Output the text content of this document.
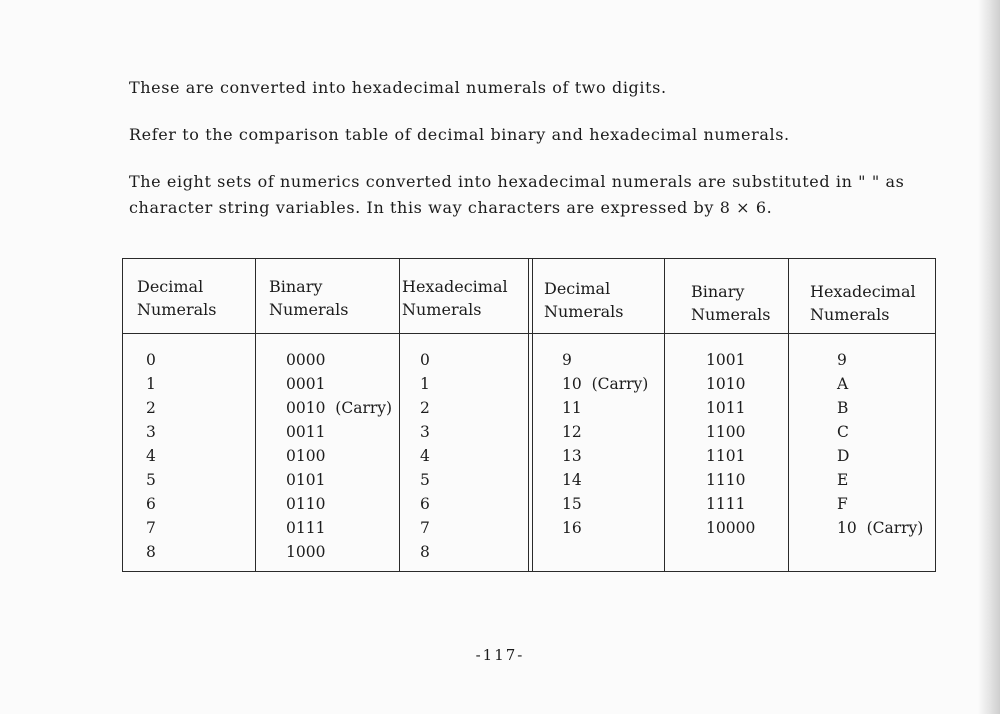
These are converted into hexadecimal numerals of two digits.
Refer to the comparison table of decimal binary and hexadecimal numerals.
The eight sets of numerics converted into hexadecimal numerals are substituted in " " as
character string variables. In this way characters are expressed by 8 × 6.
Decimal
Numerals
Binary
Numerals
Hexadecimal
Numerals
Decimal
Numerals
Binary
Numerals
Hexadecimal
Numerals
0
1
2
3
4
5
6
7
8
0000
0001
0010  (Carry)
0011
0100
0101
0110
0111
1000
0
1
2
3
4
5
6
7
8
9
10  (Carry)
11
12
13
14
15
16
1001
1010
1011
1100
1101
1110
1111
10000
9
A
B
C
D
E
F
10  (Carry)
-117-
